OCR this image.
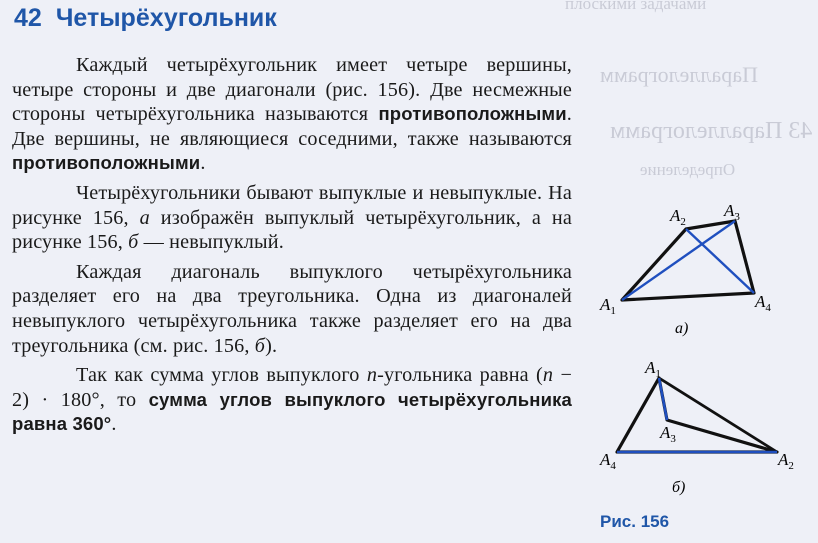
плоскими задачами
Параллелограмм
43 Параллелограмм
Определение
42 Четырёхугольник

Каждый четырёхугольник имеет четыре вершины, четыре стороны и две диагонали (рис. 156). Две несмежные стороны четырёхугольника называются противоположными. Две вершины, не являющиеся соседними, также называются противоположными.

Четырёхугольники бывают выпуклые и невыпуклые. На рисунке 156, а изображён выпуклый четырёхугольник, а на рисунке 156, б — невыпуклый.

Каждая диагональ выпуклого четырёхугольника разделяет его на два треугольника. Одна из диагоналей невыпуклого четырёхугольника также разделяет его на два треугольника (см. рис. 156, б).

Так как сумма углов выпуклого n-угольника равна (n − 2) · 180°, то сумма углов выпуклого четырёхугольника равна 360°.

$A_1$
$A_2$
$A_3$
$A_4$
а)
$A_1$
$A_2$
$A_3$
$A_4$
б)
Рис. 156
